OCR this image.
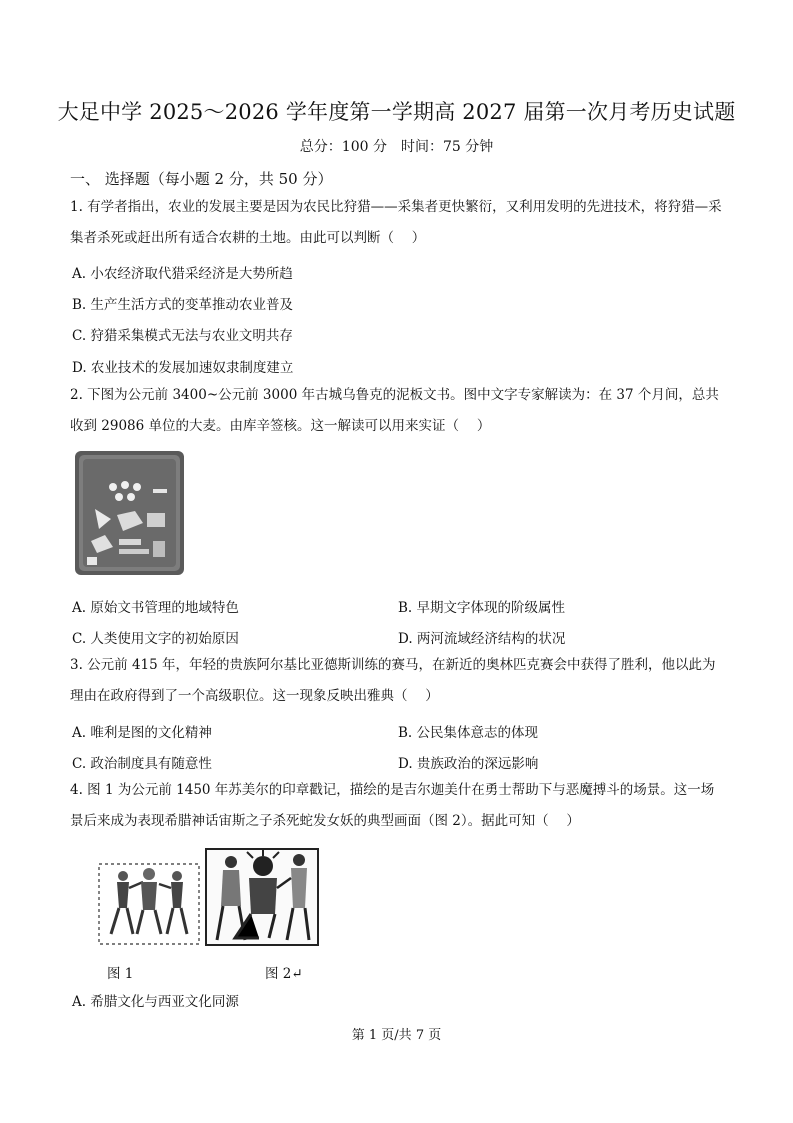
大足中学 2025～2026 学年度第一学期高 2027 届第一次月考历史试题
总分：100 分　时间：75 分钟
一、 选择题（每小题 2 分，共 50 分）
1. 有学者指出，农业的发展主要是因为农民比狩猎——采集者更快繁衍，又利用发明的先进技术，将狩猎—采集者杀死或赶出所有适合农耕的土地。由此可以判断（　 ）
A. 小农经济取代猎采经济是大势所趋
B. 生产生活方式的变革推动农业普及
C. 狩猎采集模式无法与农业文明共存
D. 农业技术的发展加速奴隶制度建立
2. 下图为公元前 3400~公元前 3000 年古城乌鲁克的泥板文书。图中文字专家解读为：在 37 个月间，总共收到 29086 单位的大麦。由库辛签核。这一解读可以用来实证（　 ）
A. 原始文书管理的地域特色	B. 早期文字体现的阶级属性
C. 人类使用文字的初始原因	D. 两河流域经济结构的状况
3. 公元前 415 年，年轻的贵族阿尔基比亚德斯训练的赛马，在新近的奥林匹克赛会中获得了胜利，他以此为理由在政府得到了一个高级职位。这一现象反映出雅典（　 ）
A. 唯利是图的文化精神	B. 公民集体意志的体现
C. 政治制度具有随意性	D. 贵族政治的深远影响
4. 图 1 为公元前 1450 年苏美尔的印章戳记，描绘的是吉尔迦美什在勇士帮助下与恶魔搏斗的场景。这一场景后来成为表现希腊神话宙斯之子杀死蛇发女妖的典型画面（图 2）。据此可知（　 ）
图 1	图 2↵
A. 希腊文化与西亚文化同源
第 1 页/共 7 页
